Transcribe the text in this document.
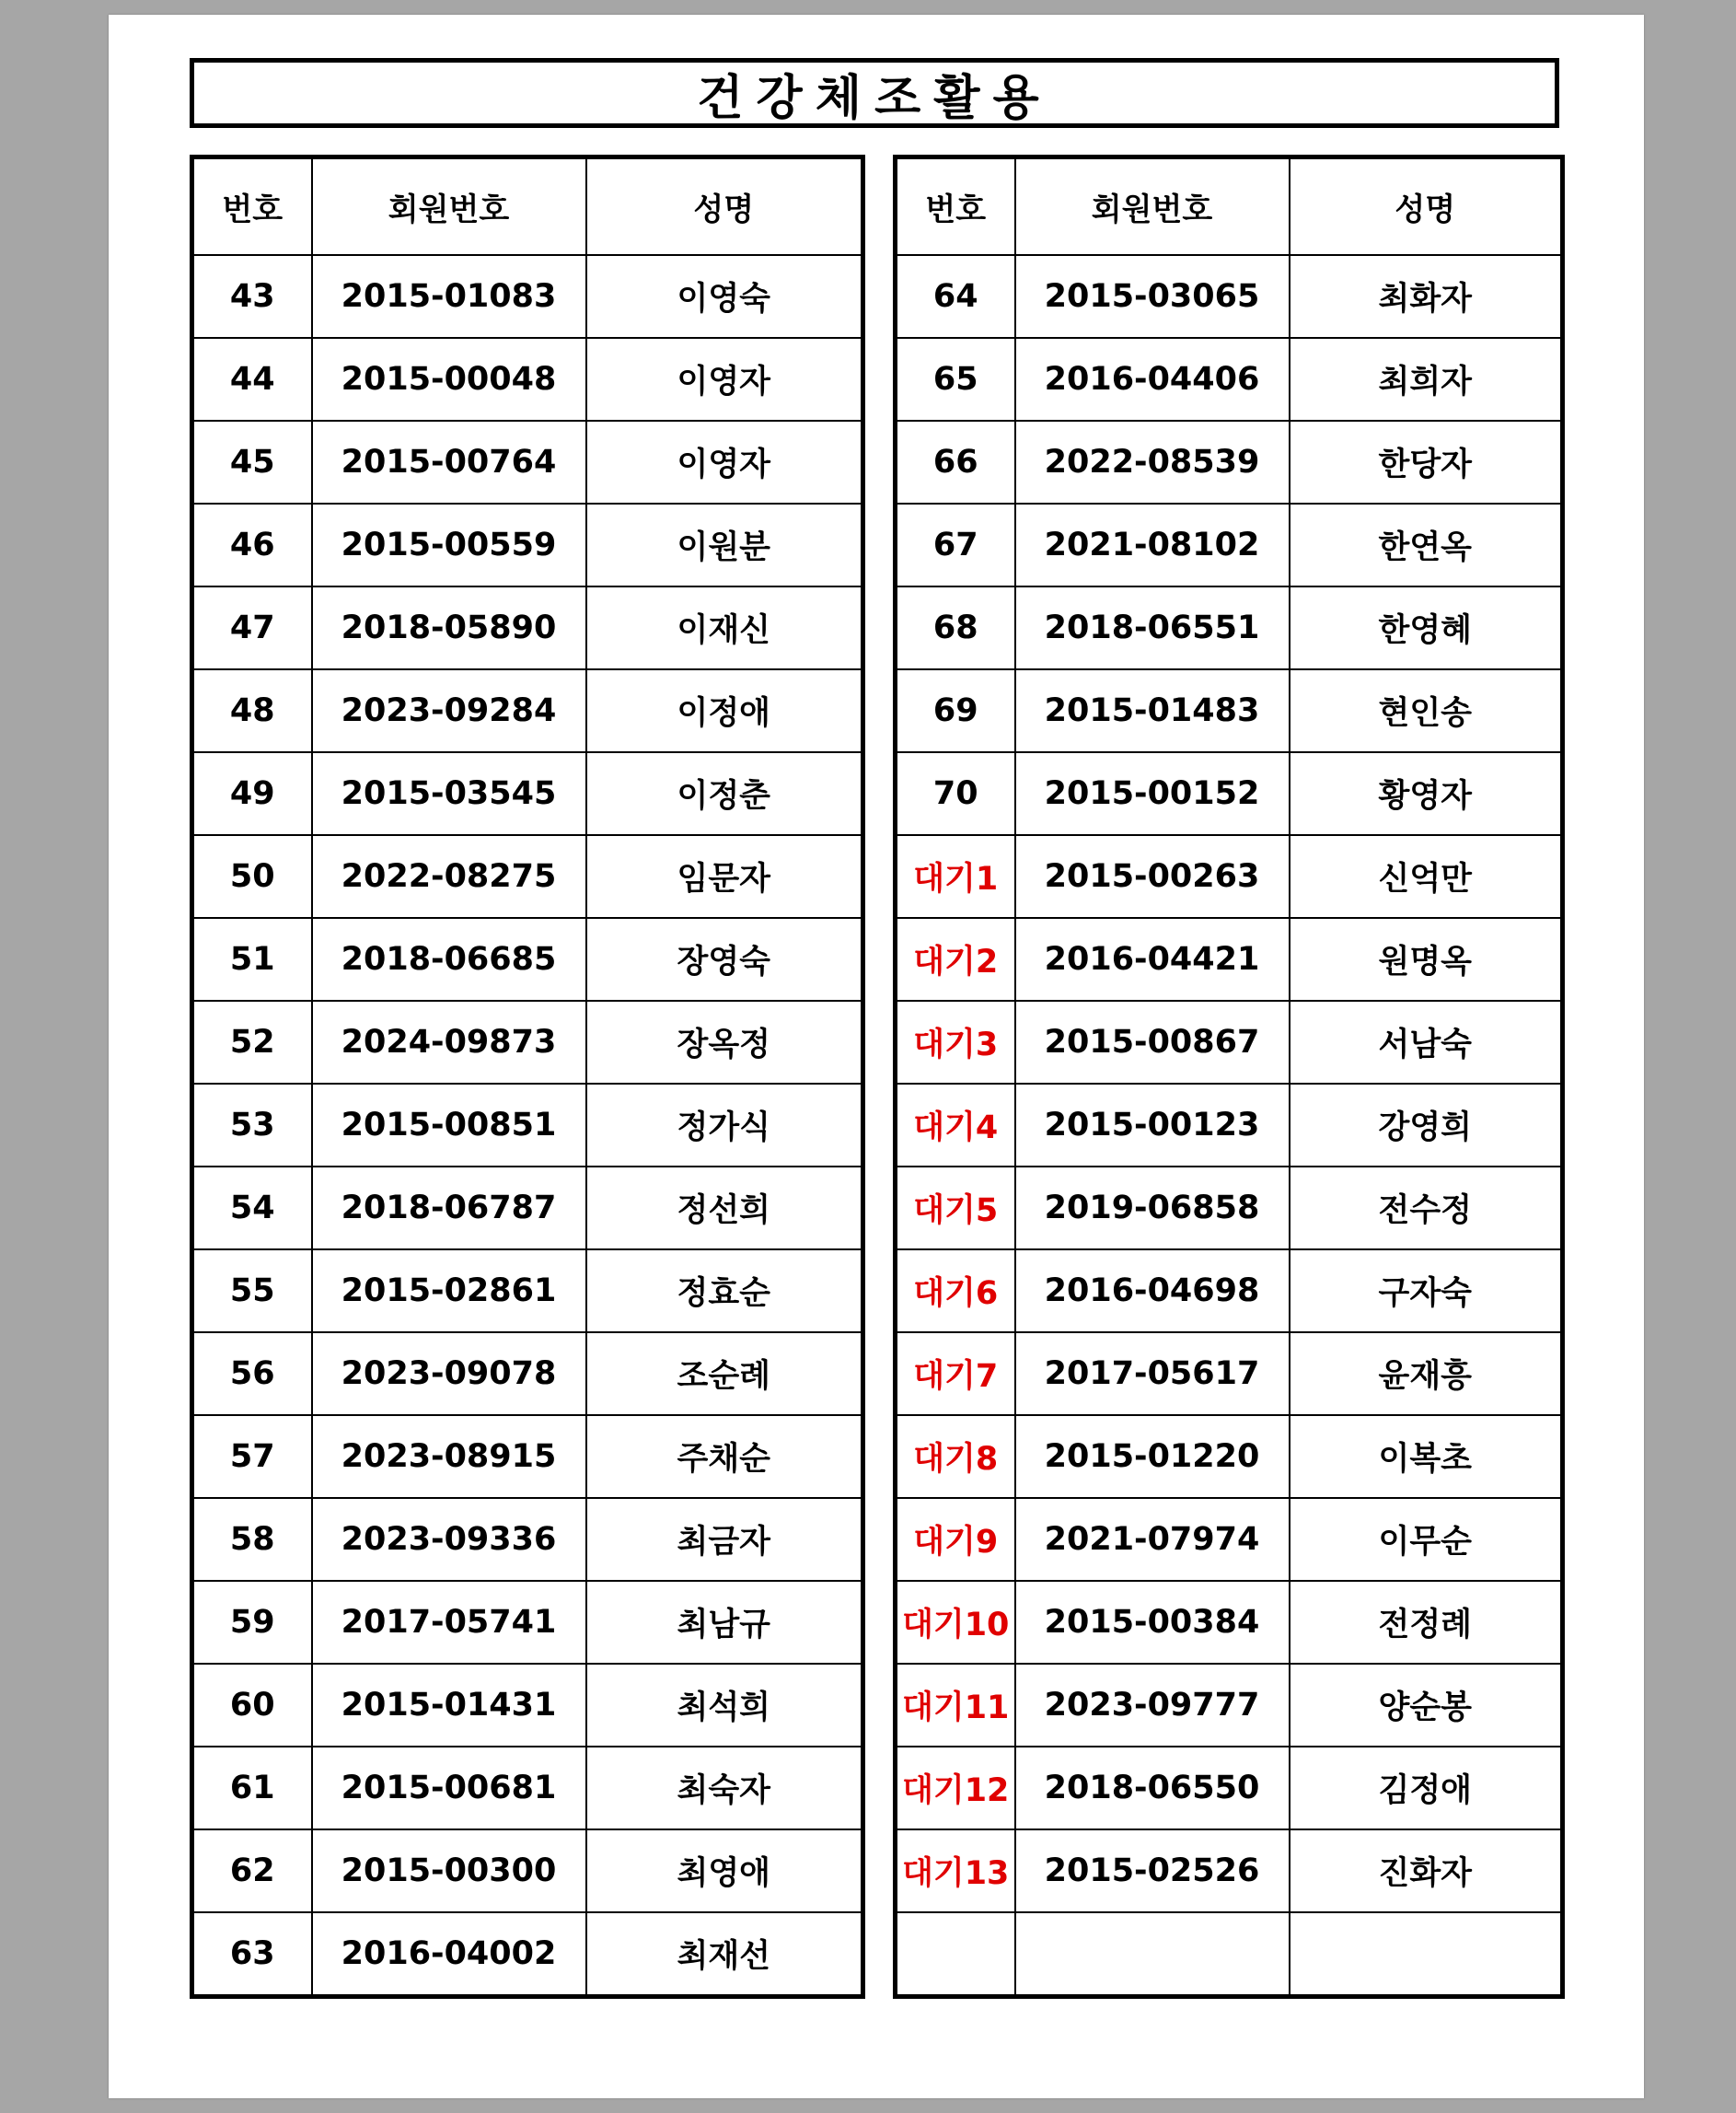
건강체조활용
번호	회원번호	성명
43	2015-01083	이영숙
44	2015-00048	이영자
45	2015-00764	이영자
46	2015-00559	이원분
47	2018-05890	이재신
48	2023-09284	이정애
49	2015-03545	이정춘
50	2022-08275	임문자
51	2018-06685	장영숙
52	2024-09873	장옥정
53	2015-00851	정가식
54	2018-06787	정선희
55	2015-02861	정효순
56	2023-09078	조순례
57	2023-08915	주채순
58	2023-09336	최금자
59	2017-05741	최남규
60	2015-01431	최석희
61	2015-00681	최숙자
62	2015-00300	최영애
63	2016-04002	최재선
번호	회원번호	성명
64	2015-03065	최화자
65	2016-04406	최희자
66	2022-08539	한당자
67	2021-08102	한연옥
68	2018-06551	한영혜
69	2015-01483	현인송
70	2015-00152	황영자
대기1	2015-00263	신억만
대기2	2016-04421	원명옥
대기3	2015-00867	서남숙
대기4	2015-00123	강영희
대기5	2019-06858	전수정
대기6	2016-04698	구자숙
대기7	2017-05617	윤재흥
대기8	2015-01220	이복초
대기9	2021-07974	이무순
대기10	2015-00384	전정례
대기11	2023-09777	양순봉
대기12	2018-06550	김정애
대기13	2015-02526	진화자
